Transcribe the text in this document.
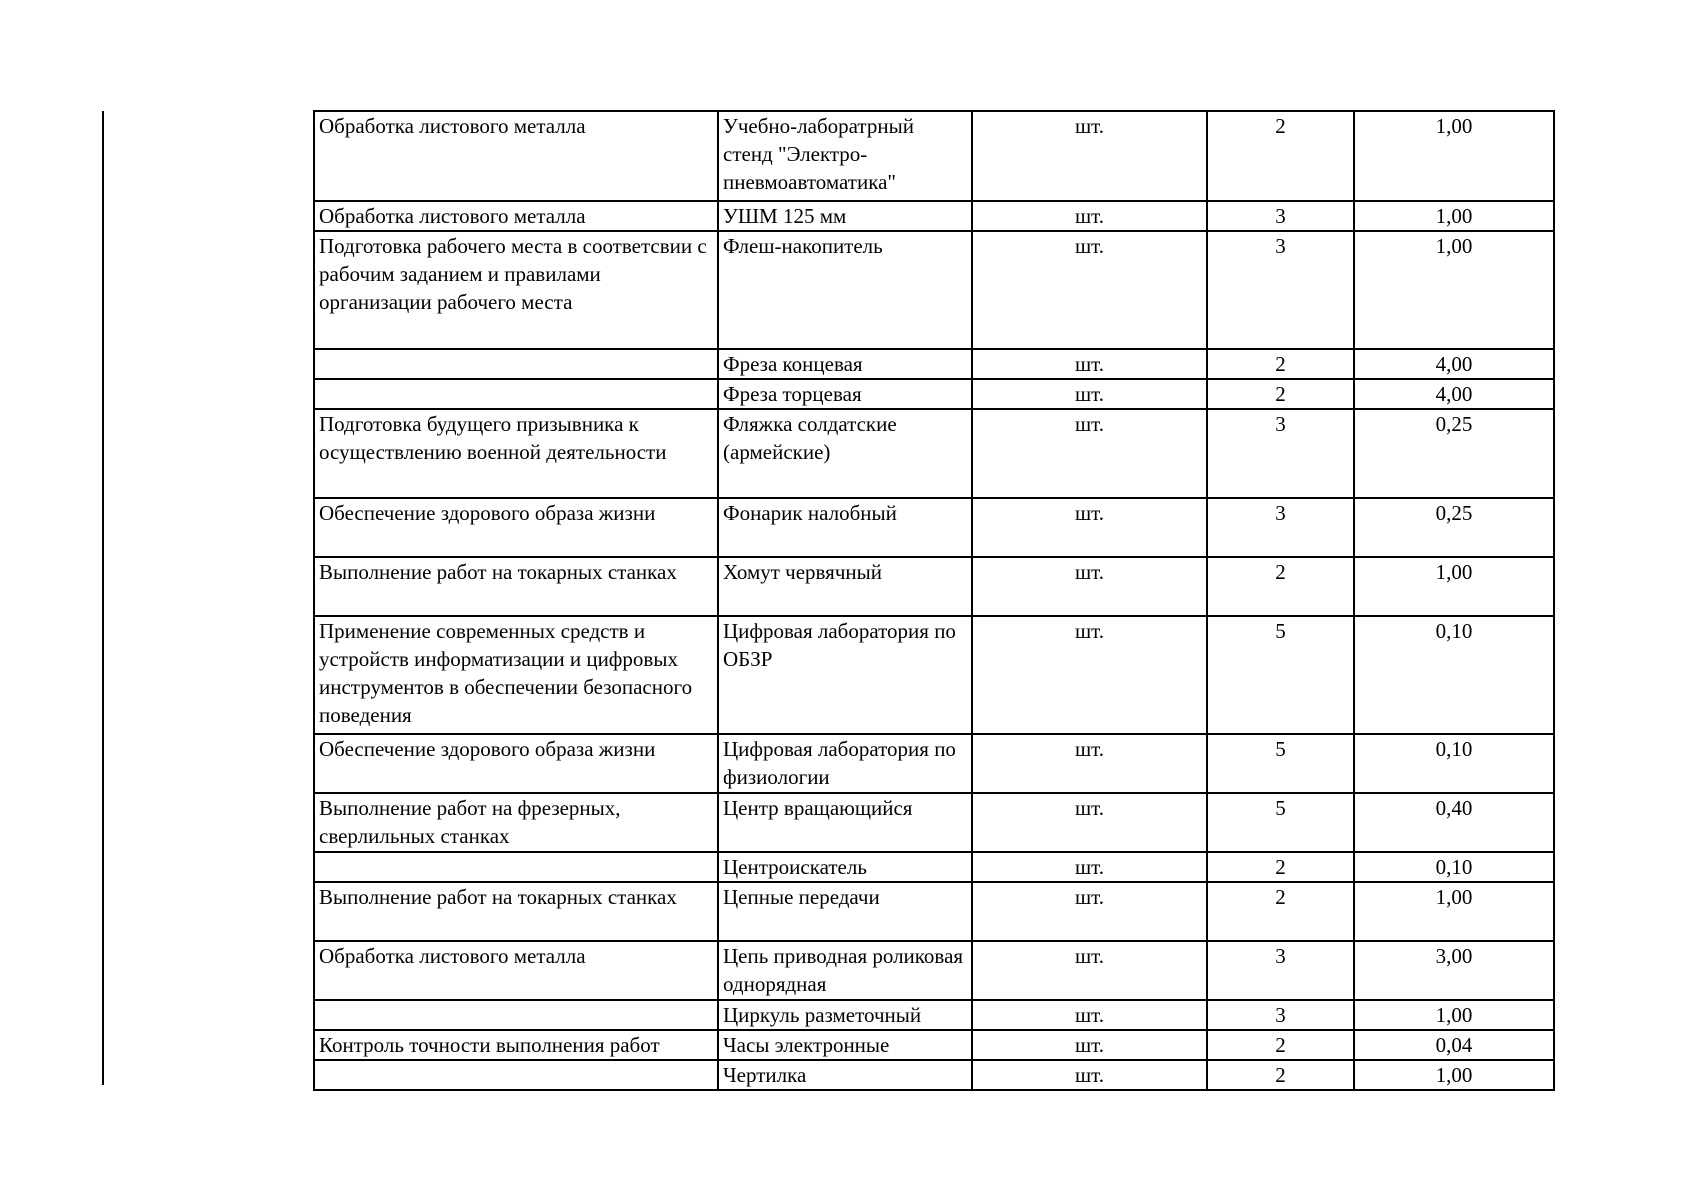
Обработка листового металла	Учебно-лаборатрный стенд "Электро-пневмоавтоматика"	шт.	2	1,00
Обработка листового металла	УШМ 125 мм	шт.	3	1,00
Подготовка рабочего места в соответсвии с рабочим заданием и правилами организации рабочего места	Флеш-накопитель	шт.	3	1,00
	Фреза концевая	шт.	2	4,00
	Фреза торцевая	шт.	2	4,00
Подготовка будущего призывника к осуществлению военной деятельности	Фляжка солдатские (армейские)	шт.	3	0,25
Обеспечение здорового образа жизни	Фонарик налобный	шт.	3	0,25
Выполнение работ на токарных станках	Хомут червячный	шт.	2	1,00
Применение современных средств и устройств информатизации и цифровых инструментов в обеспечении безопасного поведения	Цифровая лаборатория по ОБЗР	шт.	5	0,10
Обеспечение здорового образа жизни	Цифровая лаборатория по физиологии	шт.	5	0,10
Выполнение работ на фрезерных, сверлильных станках	Центр вращающийся	шт.	5	0,40
	Центроискатель	шт.	2	0,10
Выполнение работ на токарных станках	Цепные передачи	шт.	2	1,00
Обработка листового металла	Цепь приводная роликовая однорядная	шт.	3	3,00
	Циркуль разметочный	шт.	3	1,00
Контроль точности выполнения работ	Часы электронные	шт.	2	0,04
	Чертилка	шт.	2	1,00
